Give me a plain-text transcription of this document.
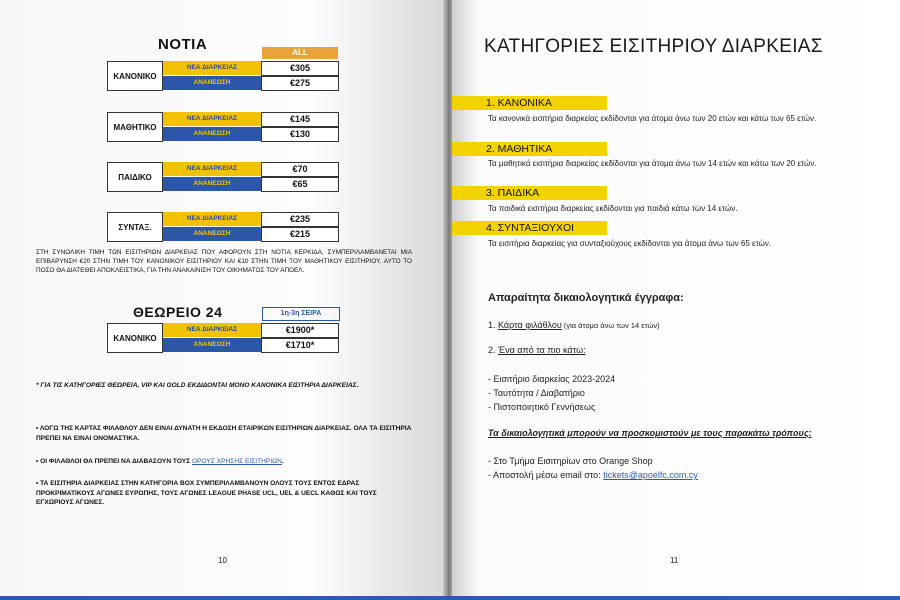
ΝΟΤΙΑ	ALL
ΚΑΝΟΝΙΚΟ
ΝΕΑ ΔΙΑΡΚΕΙΑΣ
ΑΝΑΝΕΩΣΗ
€305
€275
ΜΑΘΗΤΙΚΟ
ΝΕΑ ΔΙΑΡΚΕΙΑΣ
ΑΝΑΝΕΩΣΗ
€145
€130
ΠΑΙΔΙΚΟ
ΝΕΑ ΔΙΑΡΚΕΙΑΣ
ΑΝΑΝΕΩΣΗ
€70
€65
ΣΥΝΤΑΞ.
ΝΕΑ ΔΙΑΡΚΕΙΑΣ
ΑΝΑΝΕΩΣΗ
€235
€215
ΣΤΗ ΣΥΝΟΛΙΚΗ ΤΙΜΗ ΤΩΝ ΕΙΣΙΤΗΡΙΩΝ ΔΙΑΡΚΕΙΑΣ ΠΟΥ ΑΦΟΡΟΥΝ ΣΤΗ ΝΟΤΙΑ ΚΕΡΚΙΔΑ, ΣΥΜΠΕΡΙΛΑΜΒΑΝΕΤΑΙ ΜΙΑ ΕΠΙΒΑΡΥΝΣΗ €20 ΣΤΗΝ ΤΙΜΗ ΤΟΥ ΚΑΝΟΝΙΚΟΥ ΕΙΣΙΤΗΡΙΟΥ ΚΑΙ €10 ΣΤΗΝ ΤΙΜΗ ΤΟΥ ΜΑΘΗΤΙΚΟΥ ΕΙΣΙΤΗΡΙΟΥ. ΑΥΤΟ ΤΟ ΠΟΣΟ ΘΑ ΔΙΑΤΕΘΕΙ ΑΠΟΚΛΕΙΣΤΙΚΑ, ΓΙΑ ΤΗΝ ΑΝΑΚΑΙΝΙΣΗ ΤΟΥ ΟΙΚΗΜΑΤΟΣ ΤΟΥ ΑΠΟΕΛ.
ΘΕΩΡΕΙΟ 24	1η-3η ΣΕΙΡΑ
ΚΑΝΟΝΙΚΟ
ΝΕΑ ΔΙΑΡΚΕΙΑΣ
ΑΝΑΝΕΩΣΗ
€1900*
€1710*
* ΓΙΑ ΤΙΣ ΚΑΤΗΓΟΡΙΕΣ ΘΕΩΡΕΙΑ, VIP ΚΑΙ GOLD ΕΚΔΙΔΟΝΤΑΙ ΜΟΝΟ ΚΑΝΟΝΙΚΑ ΕΙΣΙΤΗΡΙΑ ΔΙΑΡΚΕΙΑΣ.
• ΛΟΓΩ ΤΗΣ ΚΑΡΤΑΣ ΦΙΛΑΘΛΟΥ ΔΕΝ ΕΙΝΑΙ ΔΥΝΑΤΗ Η ΕΚΔΟΣΗ ΕΤΑΙΡΙΚΩΝ ΕΙΣΙΤΗΡΙΩΝ ΔΙΑΡΚΕΙΑΣ. ΟΛΑ ΤΑ ΕΙΣΙΤΗΡΙΑ ΠΡΕΠΕΙ ΝΑ ΕΙΝΑΙ ΟΝΟΜΑΣΤΙΚΑ.
• ΟΙ ΦΙΛΑΘΛΟΙ ΘΑ ΠΡΕΠΕΙ ΝΑ ΔΙΑΒΑΣΟΥΝ ΤΟΥΣ ΟΡΟΥΣ ΧΡΗΣΗΣ ΕΙΣΙΤΗΡΙΩΝ.
• ΤΑ ΕΙΣΙΤΗΡΙΑ ΔΙΑΡΚΕΙΑΣ ΣΤΗΝ ΚΑΤΗΓΟΡΙΑ BOX ΣΥΜΠΕΡΙΛΑΜΒΑΝΟΥΝ ΟΛΟΥΣ ΤΟΥΣ ΕΝΤΟΣ ΕΔΡΑΣ ΠΡΟΚΡΙΜΑΤΙΚΟΥΣ ΑΓΩΝΕΣ ΕΥΡΩΠΗΣ, ΤΟΥΣ ΑΓΩΝΕΣ LEAGUE PHASE UCL, UEL & UECL ΚΑΘΩΣ ΚΑΙ ΤΟΥΣ ΕΓΧΩΡΙΟΥΣ ΑΓΩΝΕΣ.
10
ΚΑΤΗΓΟΡΙΕΣ ΕΙΣΙΤΗΡΙΟΥ ΔΙΑΡΚΕΙΑΣ
1. ΚΑΝΟΝΙΚΑ
Τα κανονικά εισιτήρια διαρκείας εκδίδονται για άτομα άνω των 20 ετών και κάτω των 65 ετών.
2. ΜΑΘΗΤΙΚΑ
Τα μαθητικά εισιτήρια διαρκείας εκδίδονται για άτομα άνω των 14 ετών και κάτω των 20 ετών.
3. ΠΑΙΔΙΚΑ
Τα παιδικά εισιτήρια διαρκείας εκδίδονται για παιδιά κάτω των 14 ετών.
4. ΣΥΝΤΑΞΙΟΥΧΟΙ
Τα εισιτήρια διαρκείας για συνταξιούχους εκδίδονται για άτομα άνω των 65 ετών.
Απαραίτητα δικαιολογητικά έγγραφα:
1. Κάρτα φιλάθλου (για άτομα άνω των 14 ετών)
2. Ένα από τα πιο κάτω:
- Εισιτήριο διαρκείας 2023-2024
- Ταυτότητα / Διαβατήριο
- Πιστοποιητικό Γεννήσεως
Τα δικαιολογητικά μπορούν να προσκομιστούν με τους παρακάτω τρόπους:
- Στο Τμήμα Εισιτηρίων στο Orange Shop
- Αποστολή μέσω email στο: tickets@apoelfc.com.cy
11
